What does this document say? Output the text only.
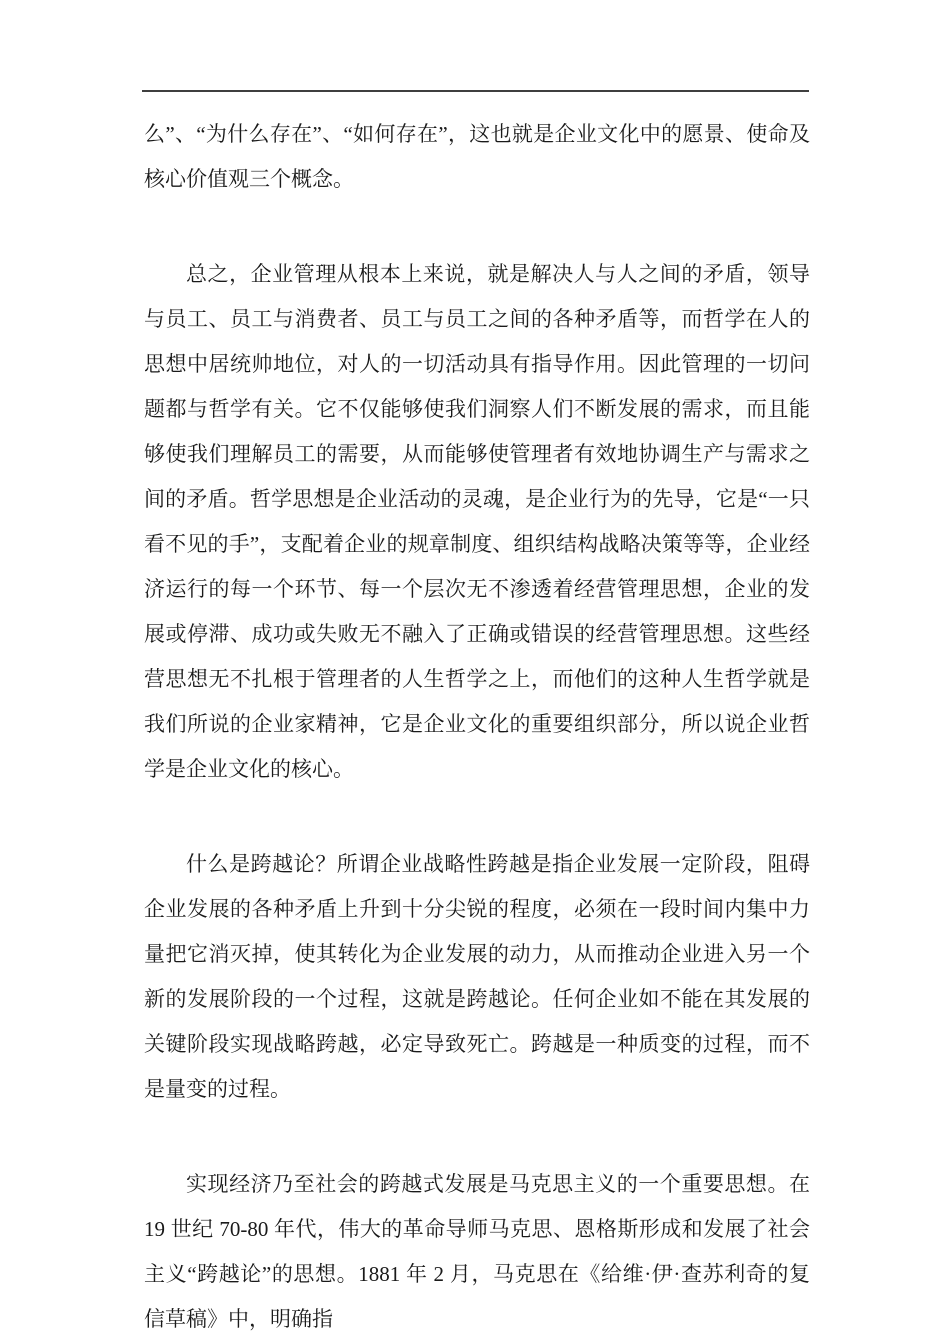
么”、“为什么存在”、“如何存在”，这也就是企业文化中的愿景、使命及核心价值观三个概念。

总之，企业管理从根本上来说，就是解决人与人之间的矛盾，领导与员工、员工与消费者、员工与员工之间的各种矛盾等，而哲学在人的思想中居统帅地位，对人的一切活动具有指导作用。因此管理的一切问题都与哲学有关。它不仅能够使我们洞察人们不断发展的需求，而且能够使我们理解员工的需要，从而能够使管理者有效地协调生产与需求之间的矛盾。哲学思想是企业活动的灵魂，是企业行为的先导，它是“一只看不见的手”，支配着企业的规章制度、组织结构战略决策等等，企业经济运行的每一个环节、每一个层次无不渗透着经营管理思想，企业的发展或停滞、成功或失败无不融入了正确或错误的经营管理思想。这些经营思想无不扎根于管理者的人生哲学之上，而他们的这种人生哲学就是我们所说的企业家精神，它是企业文化的重要组织部分，所以说企业哲学是企业文化的核心。

什么是跨越论？所谓企业战略性跨越是指企业发展一定阶段，阻碍企业发展的各种矛盾上升到十分尖锐的程度，必须在一段时间内集中力量把它消灭掉，使其转化为企业发展的动力，从而推动企业进入另一个新的发展阶段的一个过程，这就是跨越论。任何企业如不能在其发展的关键阶段实现战略跨越，必定导致死亡。跨越是一种质变的过程，而不是量变的过程。

实现经济乃至社会的跨越式发展是马克思主义的一个重要思想。在 19 世纪 70-80 年代，伟大的革命导师马克思、恩格斯形成和发展了社会主义“跨越论”的思想。1881 年 2 月，马克思在《给维·伊·查苏利奇的复信草稿》中，明确指
